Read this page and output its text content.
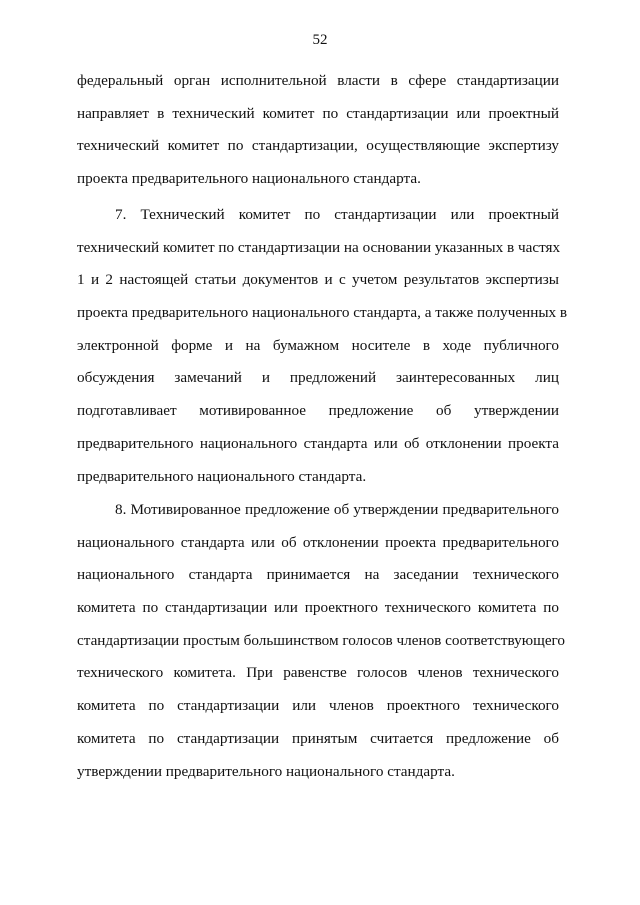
52
федеральный орган исполнительной власти в сфере стандартизации
направляет в технический комитет по стандартизации или проектный
технический комитет по стандартизации, осуществляющие экспертизу
проекта предварительного национального стандарта.
7. Технический комитет по стандартизации или проектный
технический комитет по стандартизации на основании указанных в частях
1 и 2 настоящей статьи документов и с учетом результатов экспертизы
проекта предварительного национального стандарта, а также полученных в
электронной форме и на бумажном носителе в ходе публичного
обсуждения замечаний и предложений заинтересованных лиц
подготавливает мотивированное предложение об утверждении
предварительного национального стандарта или об отклонении проекта
предварительного национального стандарта.
8. Мотивированное предложение об утверждении предварительного
национального стандарта или об отклонении проекта предварительного
национального стандарта принимается на заседании технического
комитета по стандартизации или проектного технического комитета по
стандартизации простым большинством голосов членов соответствующего
технического комитета. При равенстве голосов членов технического
комитета по стандартизации или членов проектного технического
комитета по стандартизации принятым считается предложение об
утверждении предварительного национального стандарта.
